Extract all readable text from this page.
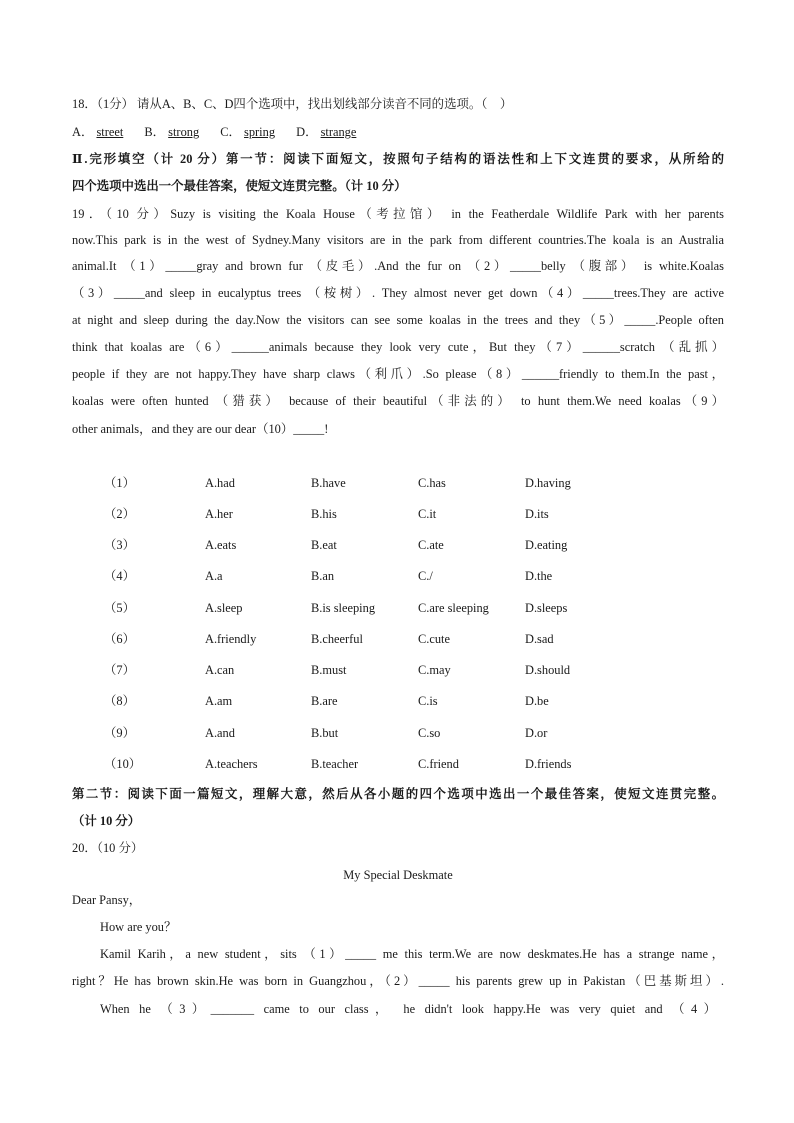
18．（1分） 请从A、B、C、D四个选项中，找出划线部分读音不同的选项。（　）
A． street B． strong C． spring D． strange
Ⅱ.完形填空（计 20 分）第一节：阅读下面短文，按照句子结构的语法性和上下文连贯的要求，从所给的
四个选项中选出一个最佳答案，使短文连贯完整。（计 10 分）
19．（10 分）Suzy is visiting the Koala House（考拉馆） in the Featherdale Wildlife Park with her parents
now.This park is in the west of Sydney.Many visitors are in the park from different countries.The koala is an Australia
animal.It （1）_____gray and brown fur （皮毛）.And the fur on （2）_____belly （腹部） is white.Koalas
（3）_____and sleep in eucalyptus trees （桉树）. They almost never get down（4）_____trees.They are active
at night and sleep during the day.Now the visitors can see some koalas in the trees and they（5）_____.People often
think that koalas are（6）______animals because they look very cute，But they（7）______scratch （乱抓）
people if they are not happy.They have sharp claws（利爪）.So please（8）______friendly to them.In the past，
koalas were often hunted （猎获） because of their beautiful（非法的） to hunt them.We need koalas（9）
other animals，and they are our dear（10）_____!
（1）	A.had	B.have	C.has	D.having
（2）	A.her	B.his	C.it	D.its
（3）	A.eats	B.eat	C.ate	D.eating
（4）	A.a	B.an	C./	D.the
（5）	A.sleep	B.is sleeping	C.are sleeping	D.sleeps
（6）	A.friendly	B.cheerful	C.cute	D.sad
（7）	A.can	B.must	C.may	D.should
（8）	A.am	B.are	C.is	D.be
（9）	A.and	B.but	C.so	D.or
（10）	A.teachers	B.teacher	C.friend	D.friends
第二节：阅读下面一篇短文，理解大意，然后从各小题的四个选项中选出一个最佳答案，使短文连贯完整。
（计 10 分）
20．（10 分）
My Special Deskmate
Dear Pansy，
How are you？
Kamil Karih，a new student，sits （1）_____ me this term.We are now deskmates.He has a strange name，
right？He has brown skin.He was born in Guangzhou，（2）_____ his parents grew up in Pakistan（巴基斯坦）.
When he （3）_______ came to our class， he didn't look happy.He was very quiet and （4）
